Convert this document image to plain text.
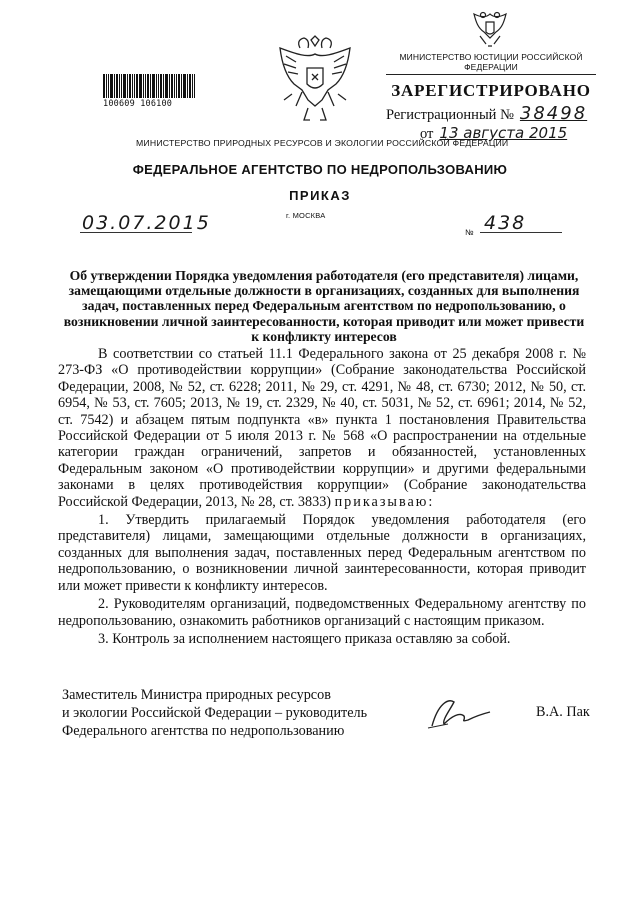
100609 106100
МИНИСТЕРСТВО ЮСТИЦИИ РОССИЙСКОЙ ФЕДЕРАЦИИ
ЗАРЕГИСТРИРОВАНО
Регистрационный № 38498
от 13 августа 2015
МИНИСТЕРСТВО ПРИРОДНЫХ РЕСУРСОВ И ЭКОЛОГИИ РОССИЙСКОЙ ФЕДЕРАЦИИ
ФЕДЕРАЛЬНОЕ АГЕНТСТВО ПО НЕДРОПОЛЬЗОВАНИЮ
ПРИКАЗ
03.07.2015	г. МОСКВА
№ 438
Об утверждении Порядка уведомления работодателя (его представителя) лицами, замещающими отдельные должности в организациях, созданных для выполнения задач, поставленных перед Федеральным агентством по недропользованию, о возникновении личной заинтересованности, которая приводит или может привести к конфликту интересов

В соответствии со статьей 11.1 Федерального закона от 25 декабря 2008 г. № 273-ФЗ «О противодействии коррупции» (Собрание законодательства Российской Федерации, 2008, № 52, ст. 6228; 2011, № 29, ст. 4291, № 48, ст. 6730; 2012, № 50, ст. 6954, № 53, ст. 7605; 2013, № 19, ст. 2329, № 40, ст. 5031, № 52, ст. 6961; 2014, № 52, ст. 7542) и абзацем пятым подпункта «в» пункта 1 постановления Правительства Российской Федерации от 5 июля 2013 г. № 568 «О распространении на отдельные категории граждан ограничений, запретов и обязанностей, установленных Федеральным законом «О противодействии коррупции» и другими федеральными законами в целях противодействия коррупции» (Собрание законодательства Российской Федерации, 2013, № 28, ст. 3833) приказываю:

1. Утвердить прилагаемый Порядок уведомления работодателя (его представителя) лицами, замещающими отдельные должности в организациях, созданных для выполнения задач, поставленных перед Федеральным агентством по недропользованию, о возникновении личной заинтересованности, которая приводит или может привести к конфликту интересов.

2. Руководителям организаций, подведомственных Федеральному агентству по недропользованию, ознакомить работников организаций с настоящим приказом.

3. Контроль за исполнением настоящего приказа оставляю за собой.

Заместитель Министра природных ресурсов
и экологии Российской Федерации – руководитель
Федерального агентства по недропользованию
В.А. Пак
